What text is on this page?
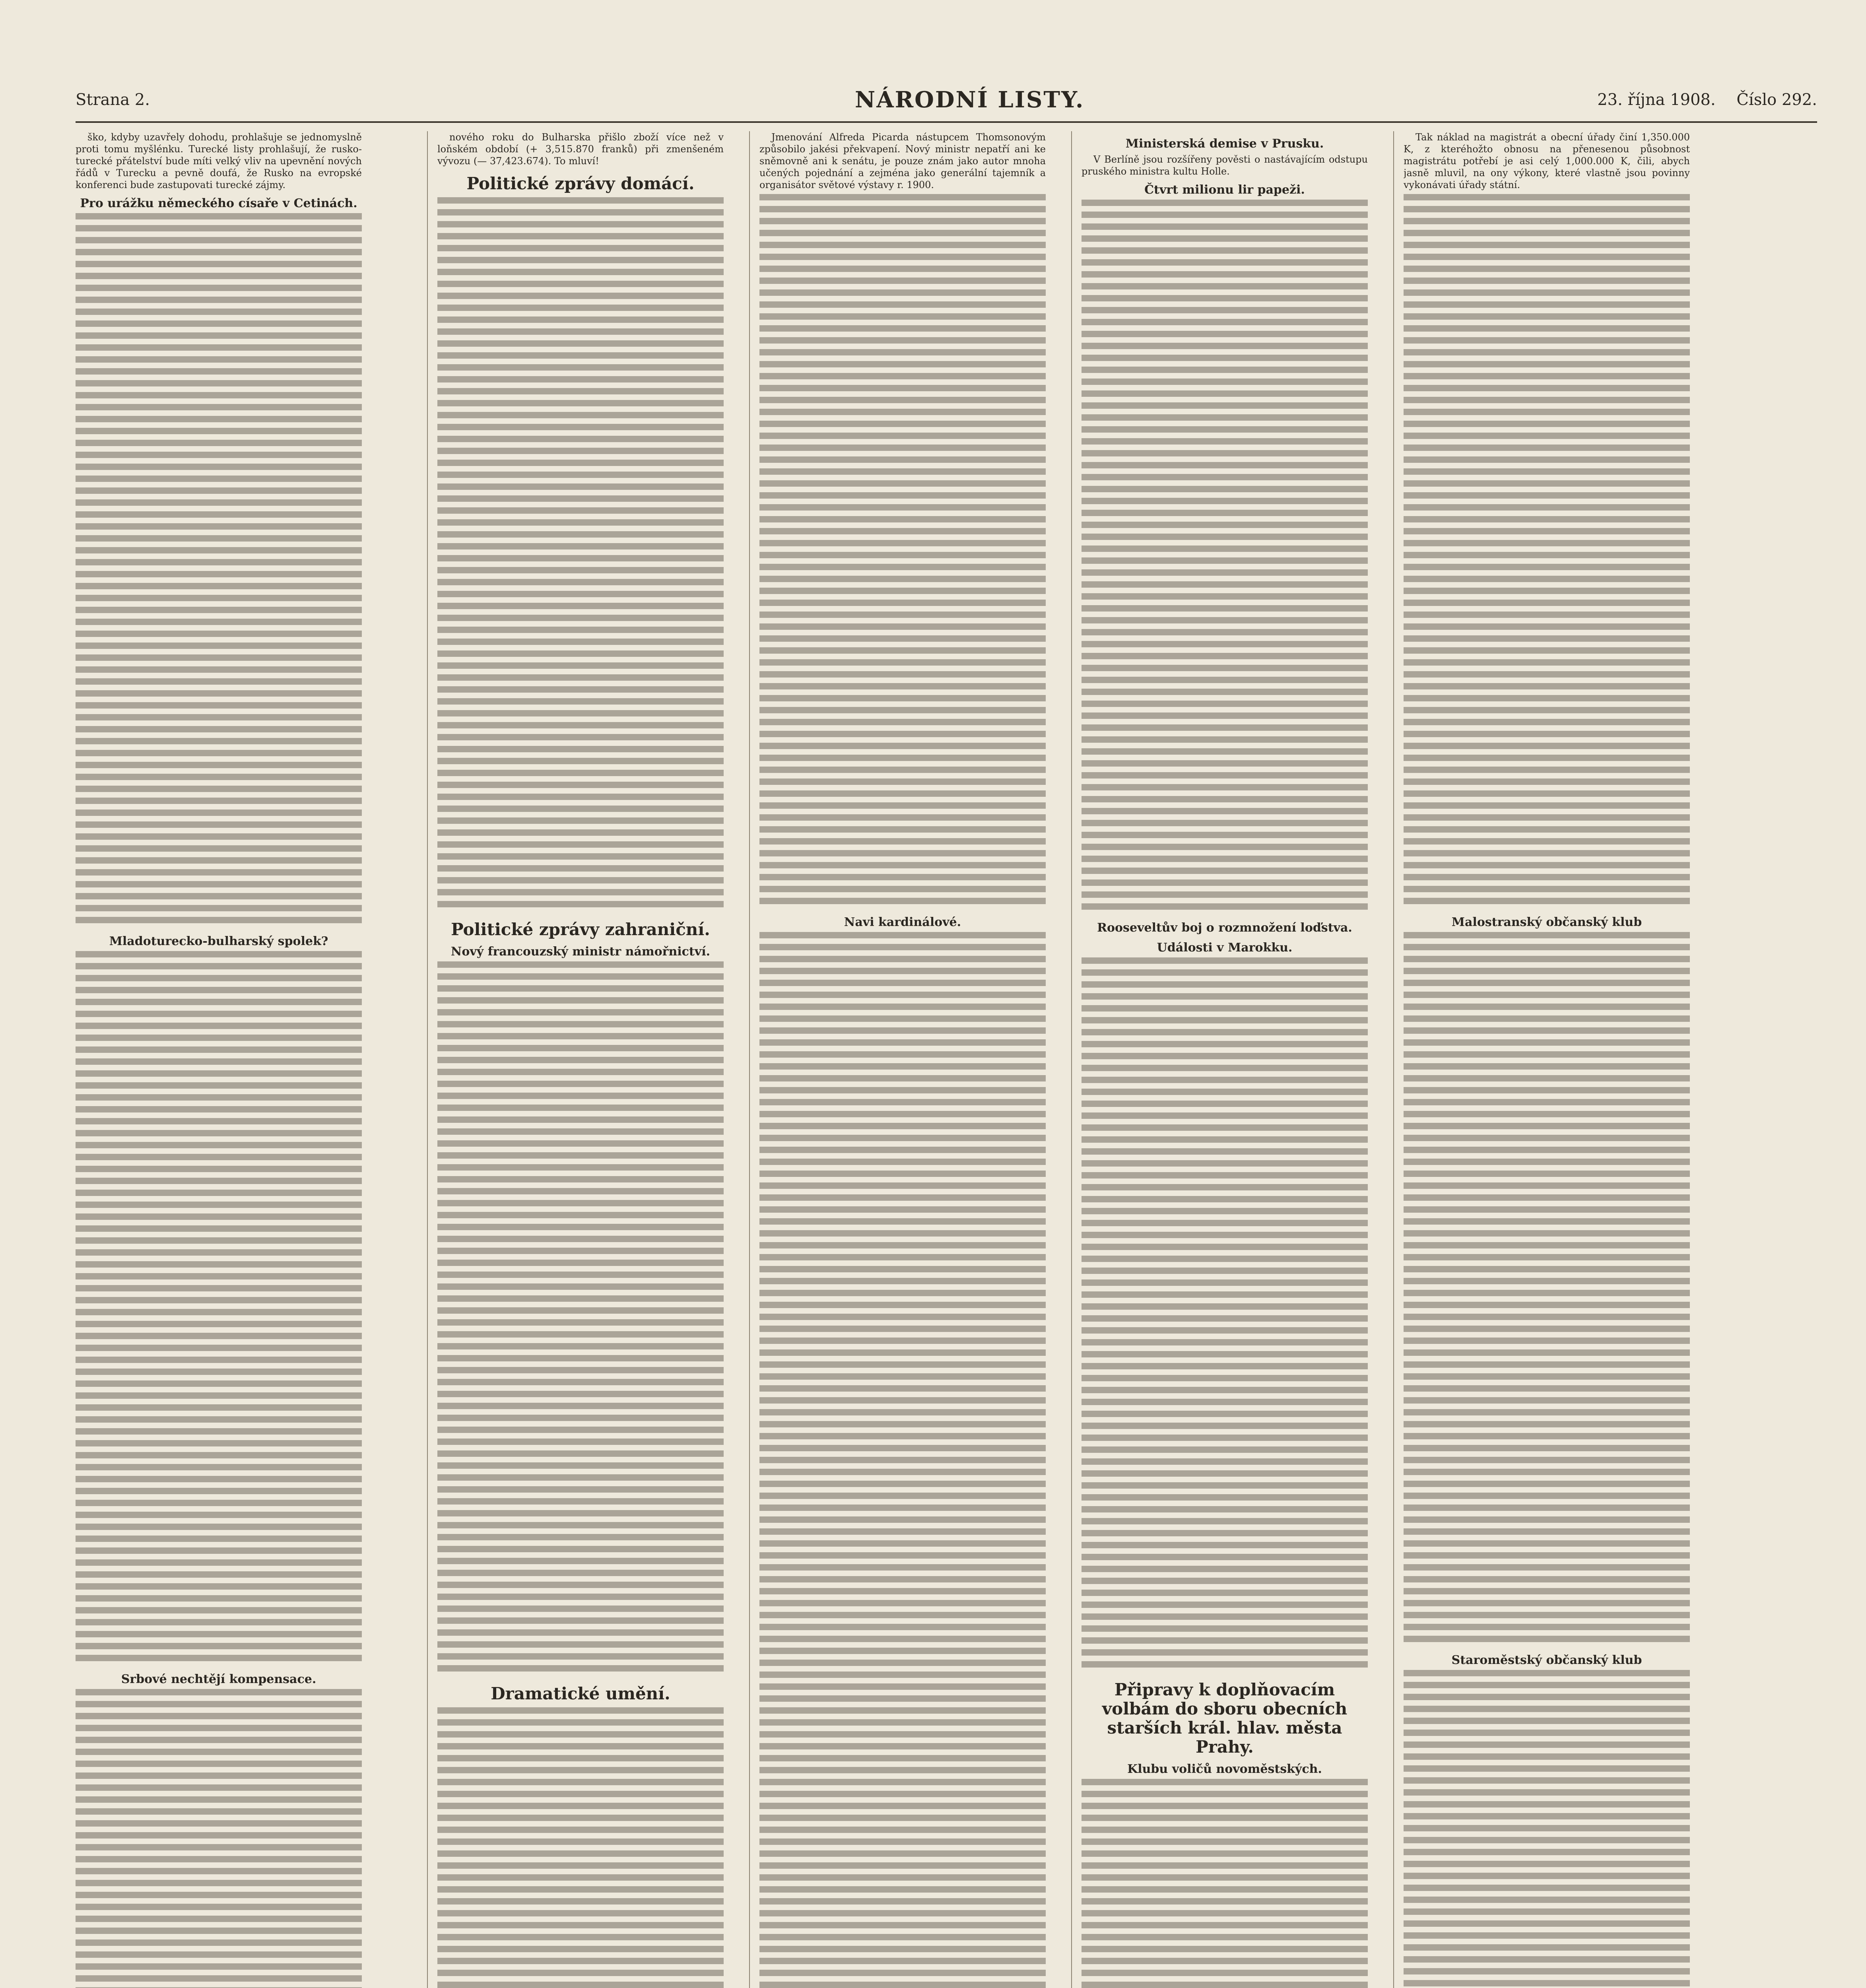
Strana 2.	NÁRODNÍ LISTY.	23. října 1908. Číslo 292.

ško, kdyby uzavřely dohodu, prohlašuje se jednomyslně proti tomu myšlénku. Turecké listy prohlašují, že rusko-turecké přátelství bude míti velký vliv na upevnění nových řádů v Turecku a pevně doufá, že Rusko na evropské konferenci bude zastupovati turecké zájmy.

Pro urážku německého císaře v Cetinách.
Mladoturecko-bulharský spolek?
Srbové nechtějí kompensace.

nového roku do Bulharska přišlo zboží více než v loňském období (+ 3,515.870 franků) při zmenšeném vývozu (— 37,423.674). To mluví!

Politické zprávy domácí.
Politické zprávy zahraniční.
Nový francouzský ministr námořnictví.
Dramatické umění.

Jmenování Alfreda Picarda nástupcem Thomsonovým způsobilo jakési překvapení. Nový ministr nepatří ani ke sněmovně ani k senátu, je pouze znám jako autor mnoha učených pojednání a zejména jako generální tajemník a organisátor světové výstavy r. 1900.

Navi kardinálové.
Ministerská demise v Prusku.

V Berlíně jsou rozšířeny pověsti o nastávajícím odstupu pruského ministra kultu Holle.

Čtvrt milionu lir papeži.
Rooseveltův boj o rozmnožení loďstva.
Události v Marokku.
Připravy k doplňovacím volbám do sboru obecních starších král. hlav. města Prahy.
Klubu voličů novoměstských.

Tak náklad na magistrát a obecní úřady činí 1,350.000 K, z kteréhožto obnosu na přenesenou působnost magistrátu potřebí je asi celý 1,000.000 K, čili, abych jasně mluvil, na ony výkony, které vlastně jsou povinny vykonávati úřady státní.

Malostranský občanský klub
Staroměstský občanský klub
